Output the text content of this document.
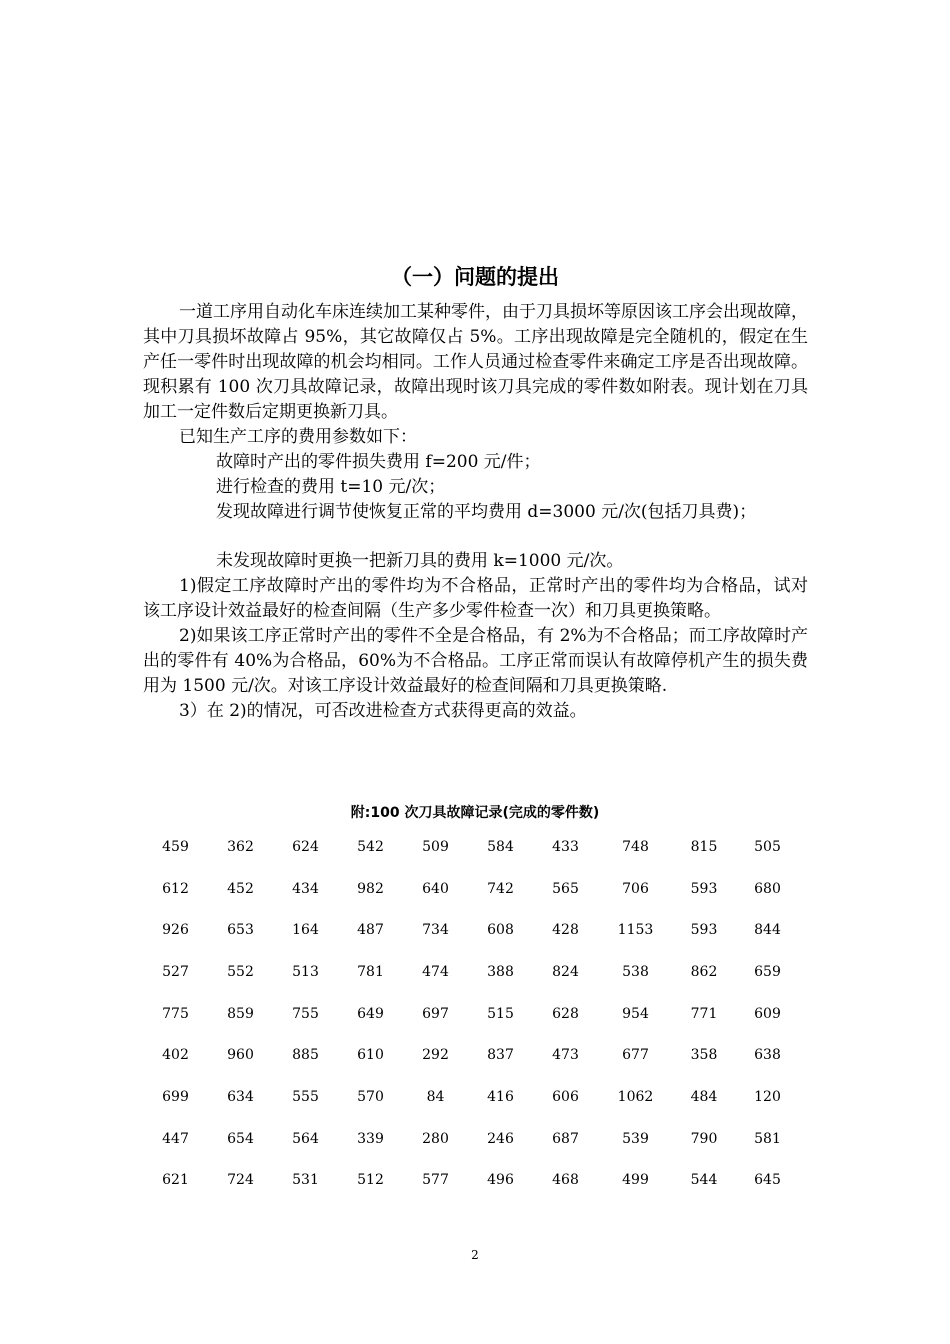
（一）问题的提出

一道工序用自动化车床连续加工某种零件，由于刀具损坏等原因该工序会出现故障，其中刀具损坏故障占 95%，其它故障仅占 5%。工序出现故障是完全随机的，假定在生产任一零件时出现故障的机会均相同。工作人员通过检查零件来确定工序是否出现故障。现积累有 100 次刀具故障记录，故障出现时该刀具完成的零件数如附表。现计划在刀具加工一定件数后定期更换新刀具。

已知生产工序的费用参数如下：

故障时产出的零件损失费用 f=200 元/件；

进行检查的费用 t=10 元/次；

发现故障进行调节使恢复正常的平均费用 d=3000 元/次(包括刀具费)；

未发现故障时更换一把新刀具的费用 k=1000 元/次。

1)假定工序故障时产出的零件均为不合格品，正常时产出的零件均为合格品，试对该工序设计效益最好的检查间隔（生产多少零件检查一次）和刀具更换策略。

2)如果该工序正常时产出的零件不全是合格品，有 2%为不合格品；而工序故障时产出的零件有 40%为合格品，60%为不合格品。工序正常而误认有故障停机产生的损失费用为 1500 元/次。对该工序设计效益最好的检查间隔和刀具更换策略.

3）在 2)的情况，可否改进检查方式获得更高的效益。

附:100 次刀具故障记录(完成的零件数)
459	362	624	542	509	584	433	748	815	505
612	452	434	982	640	742	565	706	593	680
926	653	164	487	734	608	428	1153	593	844
527	552	513	781	474	388	824	538	862	659
775	859	755	649	697	515	628	954	771	609
402	960	885	610	292	837	473	677	358	638
699	634	555	570	84	416	606	1062	484	120
447	654	564	339	280	246	687	539	790	581
621	724	531	512	577	496	468	499	544	645
2
